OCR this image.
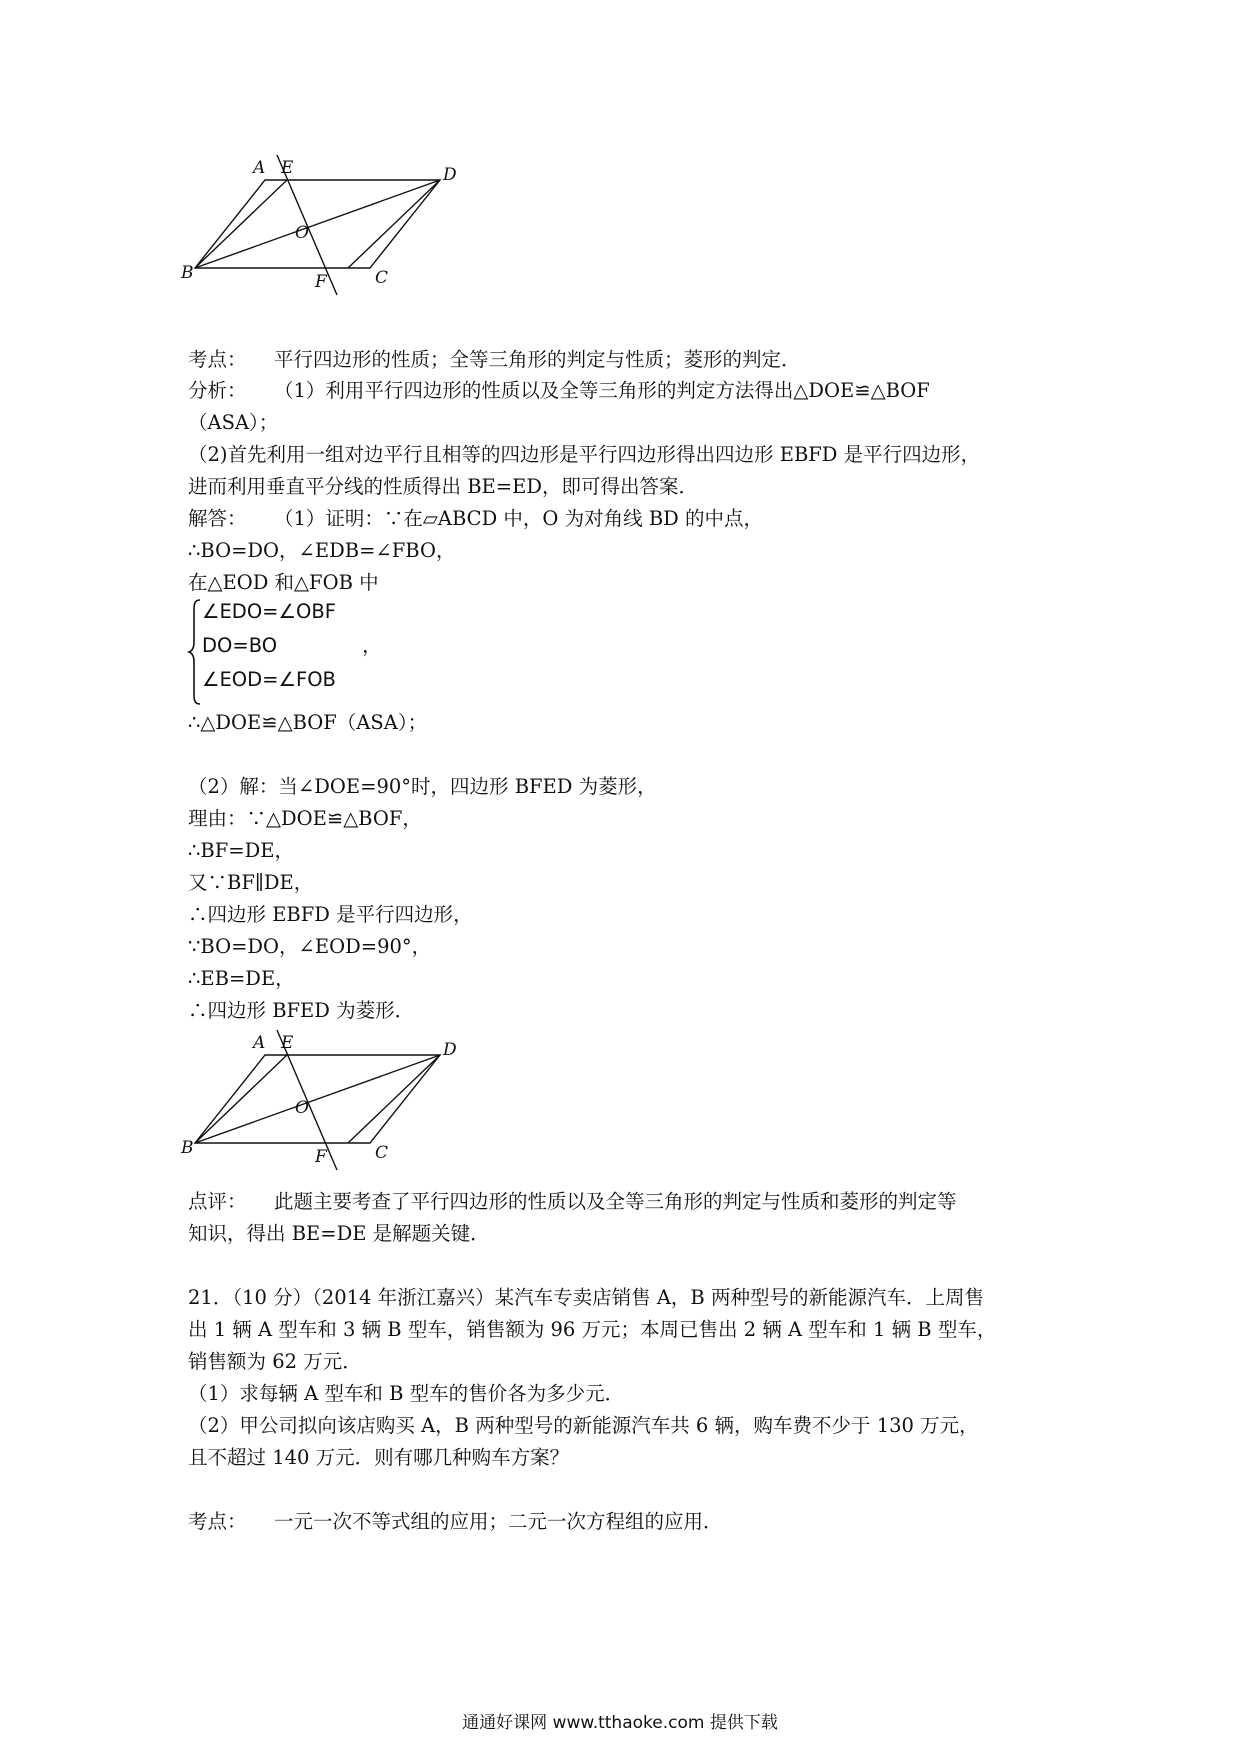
A E	D
O
B	F	C
考点： 平行四边形的性质；全等三角形的判定与性质；菱形的判定．
分析： （1）利用平行四边形的性质以及全等三角形的判定方法得出△DOE≌△BOF
（ASA）；
（2)首先利用一组对边平行且相等的四边形是平行四边形得出四边形 EBFD 是平行四边形，
进而利用垂直平分线的性质得出 BE=ED，即可得出答案．
解答： （1）证明：∵在▱ABCD 中，O 为对角线 BD 的中点，
∴BO=DO，∠EDB=∠FBO，
在△EOD 和△FOB 中
∠EDO=∠OBF
DO=BO	，
∠EOD=∠FOB
∴△DOE≌△BOF（ASA）；
（2）解：当∠DOE=90°时，四边形 BFED 为菱形，
理由：∵△DOE≌△BOF，
∴BF=DE，
又∵BF∥DE，
∴四边形 EBFD 是平行四边形，
∵BO=DO，∠EOD=90°，
∴EB=DE，
∴四边形 BFED 为菱形．
A E	D
O
B	F	C
点评： 此题主要考查了平行四边形的性质以及全等三角形的判定与性质和菱形的判定等
知识，得出 BE=DE 是解题关键．
21．（10 分）（2014 年浙江嘉兴）某汽车专卖店销售 A，B 两种型号的新能源汽车．上周售
出 1 辆 A 型车和 3 辆 B 型车，销售额为 96 万元；本周已售出 2 辆 A 型车和 1 辆 B 型车，
销售额为 62 万元．
（1）求每辆 A 型车和 B 型车的售价各为多少元．
（2）甲公司拟向该店购买 A，B 两种型号的新能源汽车共 6 辆，购车费不少于 130 万元，
且不超过 140 万元．则有哪几种购车方案？
考点： 一元一次不等式组的应用；二元一次方程组的应用．
通通好课网 www.tthaoke.com 提供下载
